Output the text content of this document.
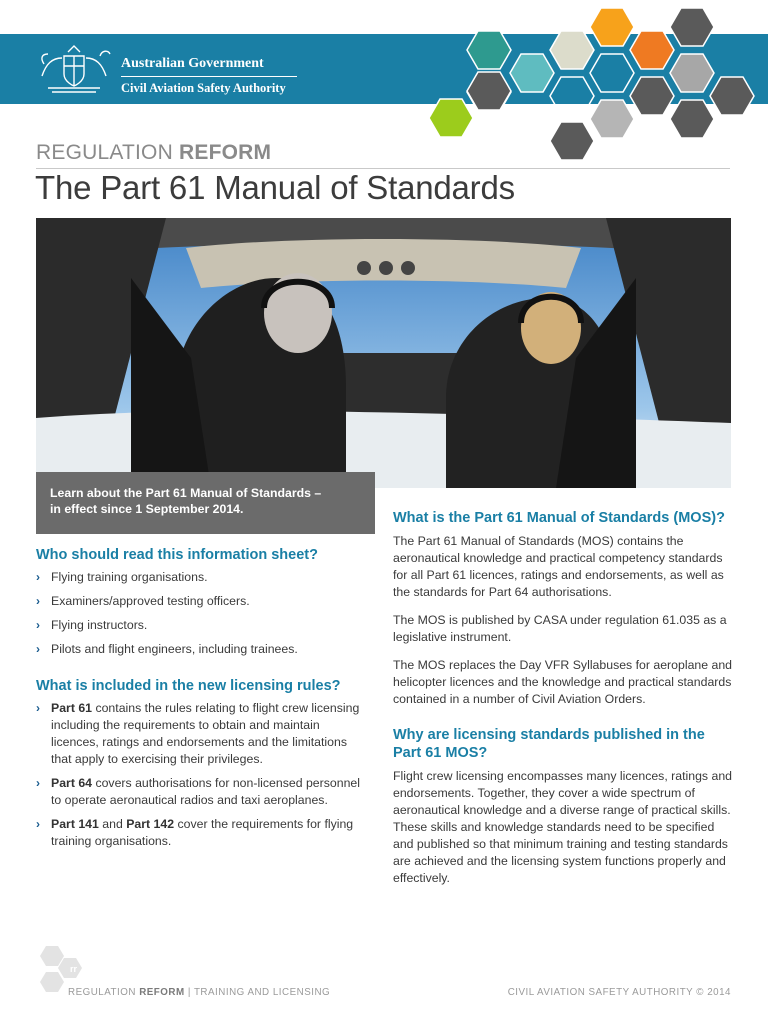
Australian Government
Civil Aviation Safety Authority
REGULATION REFORM
The Part 61 Manual of Standards
Learn about the Part 61 Manual of Standards –
in effect since 1 September 2014.
Who should read this information sheet?
› Flying training organisations.
› Examiners/approved testing officers.
› Flying instructors.
› Pilots and flight engineers, including trainees.
What is included in the new licensing rules?
› Part 61 contains the rules relating to flight crew licensing including the requirements to obtain and maintain licences, ratings and endorsements and the limitations that apply to exercising their privileges.
› Part 64 covers authorisations for non-licensed personnel to operate aeronautical radios and taxi aeroplanes.
› Part 141 and Part 142 cover the requirements for flying training organisations.
What is the Part 61 Manual of Standards (MOS)?

The Part 61 Manual of Standards (MOS) contains the aeronautical knowledge and practical competency standards for all Part 61 licences, ratings and endorsements, as well as the standards for Part 64 authorisations.

The MOS is published by CASA under regulation 61.035 as a legislative instrument.

The MOS replaces the Day VFR Syllabuses for aeroplane and helicopter licences and the knowledge and practical standards contained in a number of Civil Aviation Orders.

Why are licensing standards published in the Part 61 MOS?

Flight crew licensing encompasses many licences, ratings and endorsements. Together, they cover a wide spectrum of aeronautical knowledge and a diverse range of practical skills. These skills and knowledge standards need to be specified and published so that minimum training and testing standards are achieved and the licensing system functions properly and effectively.

rr
REGULATION REFORM | TRAINING AND LICENSING	CIVIL AVIATION SAFETY AUTHORITY © 2014
